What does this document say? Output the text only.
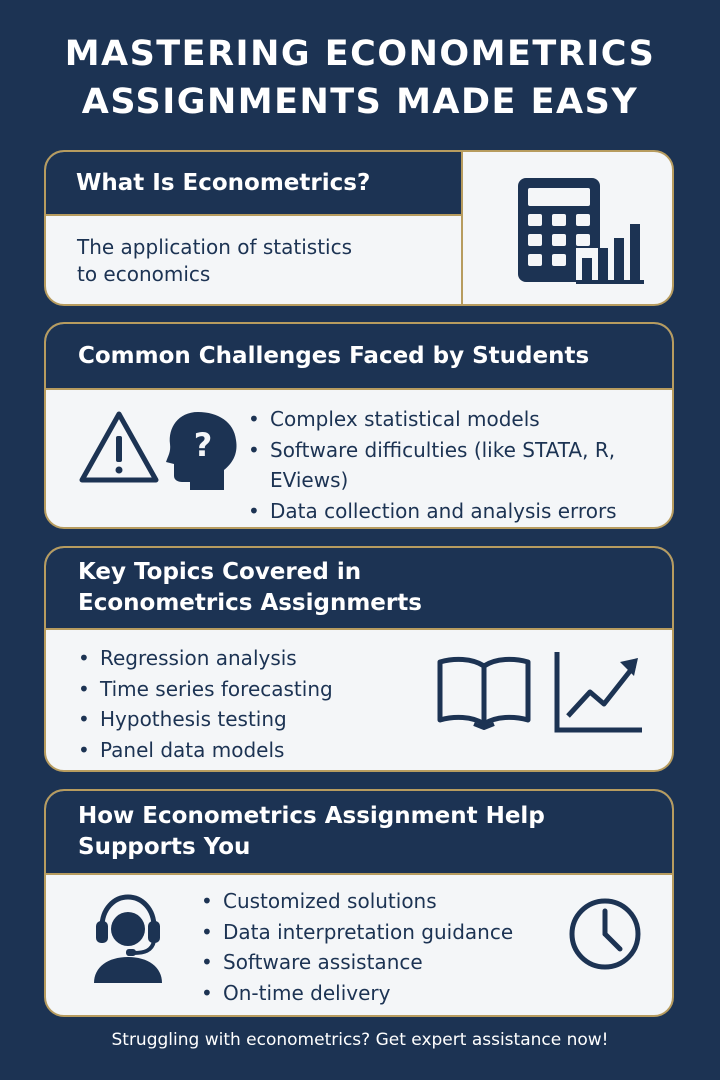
MASTERING ECONOMETRICS
ASSIGNMENTS MADE EASY
What Is Econometrics?
The application of statistics
to economics
Common Challenges Faced by Students
?
• Complex statistical models
• Software difficulties (like STATA, R,
EViews)
• Data collection and analysis errors
Key Topics Covered in
Econometrics Assignmerts
• Regression analysis
• Time series forecasting
• Hypothesis testing
• Panel data models
How Econometrics Assignment Help
Supports You
• Customized solutions
• Data interpretation guidance
• Software assistance
• On-time delivery
Struggling with econometrics? Get expert assistance now!
